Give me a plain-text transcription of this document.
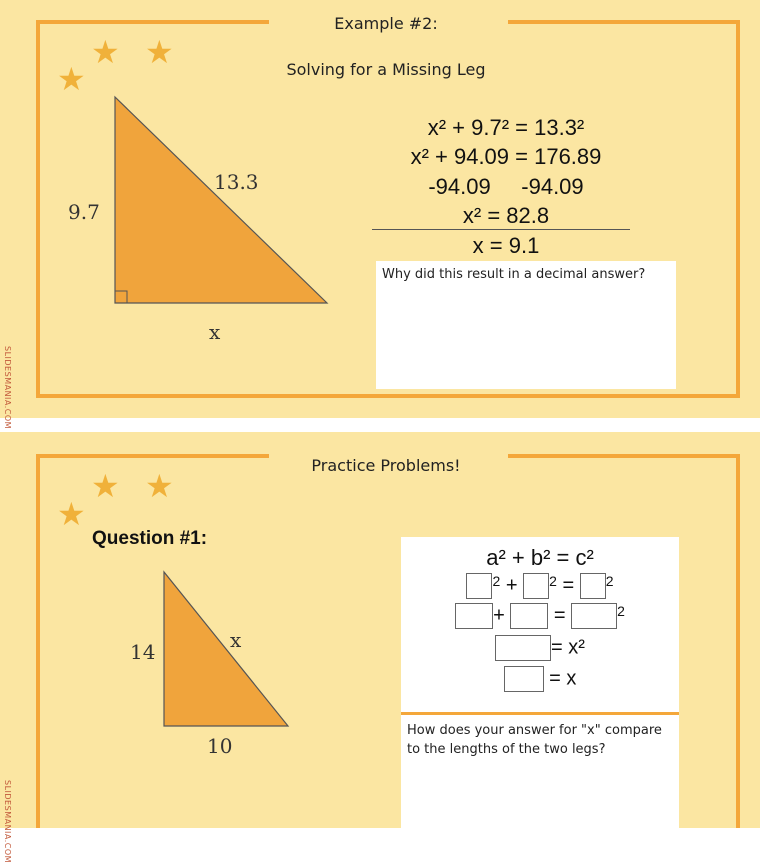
Example #2:
Solving for a Missing Leg
★ ★
★
9.7
13.3
x
x² + 9.7² = 13.3²
x² + 94.09 = 176.89
-94.09     -94.09
x² = 82.8
x = 9.1
Why did this result in a decimal answer?
SLIDESMANIA.COM
Practice Problems!
★ ★
★
Question #1:
14	x
10
a² + b² = c²
$^2$ + $^2$ = $^2$
+ =	$^2$
= x²
= x
How does your answer for "x" compare to the lengths of the two legs?
SLIDESMANIA.COM
